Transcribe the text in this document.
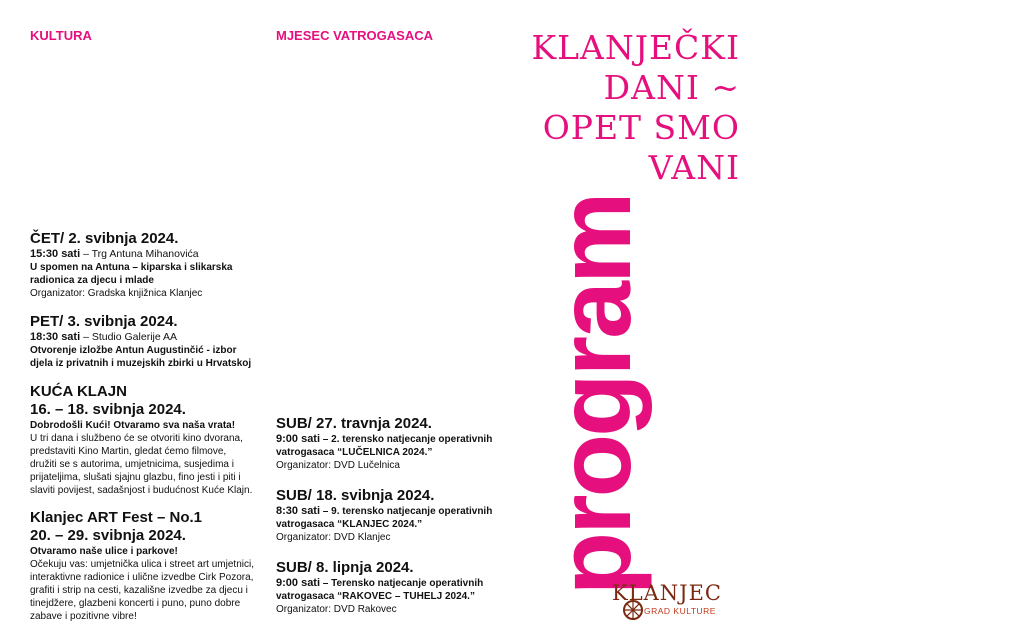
KULTURA	MJESEC VATROGASACA
ČET/ 2. svibnja 2024.
15:30 sati – Trg Antuna Mihanovića
U spomen na Antuna – kiparska i slikarska radionica za djecu i mlade
Organizator: Gradska knjižnica Klanjec
PET/ 3. svibnja 2024.
18:30 sati – Studio Galerije AA
Otvorenje izložbe Antun Augustinčić - izbor djela iz privatnih i muzejskih zbirki u Hrvatskoj
KUĆA KLAJN
16. – 18. svibnja 2024.
Dobrodošli Kući! Otvaramo sva naša vrata!
U tri dana i službeno će se otvoriti kino dvorana, predstaviti Kino Martin, gledat ćemo filmove, družiti se s autorima, umjetnicima, susjedima i prijateljima, slušati sjajnu glazbu, fino jesti i piti i slaviti povijest, sadašnjost i budućnost Kuće Klajn.
Klanjec ART Fest – No.1
20. – 29. svibnja 2024.
Otvaramo naše ulice i parkove!
Očekuju vas: umjetnička ulica i street art umjetnici, interaktivne radionice i ulične izvedbe Cirk Pozora, grafiti i strip na cesti, kazališne izvedbe za djecu i tinejdžere, glazbeni koncerti i puno, puno dobre zabave i pozitivne vibre!
SUB/ 27. travnja 2024.
9:00 sati – 2. terensko natjecanje operativnih vatrogasaca “LUČELNICA 2024.”
Organizator: DVD Lučelnica
SUB/ 18. svibnja 2024.
8:30 sati – 9. terensko natjecanje operativnih vatrogasaca “KLANJEC 2024.”
Organizator: DVD Klanjec
SUB/ 8. lipnja 2024.
9:00 sati – Terensko natjecanje operativnih vatrogasaca “RAKOVEC – TUHELJ 2024.”
Organizator: DVD Rakovec
KLANJEČKI
DANI ~
OPET SMO
VANI
program
KLANJEC
GRAD KULTURE
